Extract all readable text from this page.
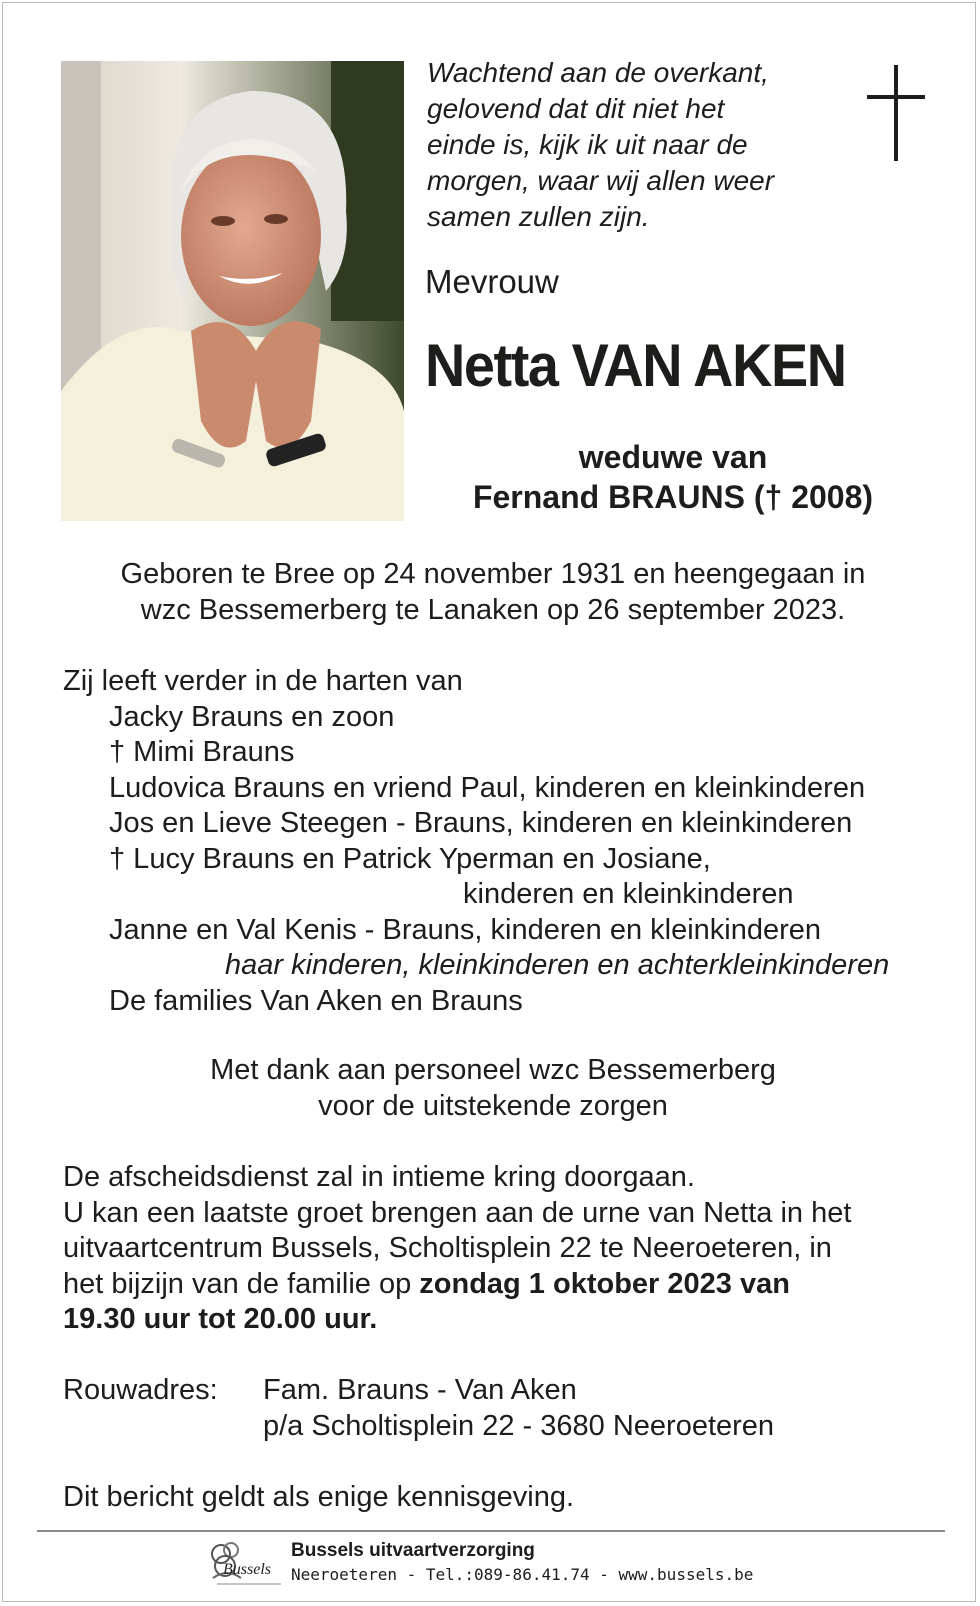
Wachtend aan de overkant,
gelovend dat dit niet het
einde is, kijk ik uit naar de
morgen, waar wij allen weer
samen zullen zijn.
Mevrouw
Netta VAN AKEN
weduwe van
Fernand BRAUNS († 2008)
Geboren te Bree op 24 november 1931 en heengegaan in
wzc Bessemerberg te Lanaken op 26 september 2023.
Zij leeft verder in de harten van
Jacky Brauns en zoon
† Mimi Brauns
Ludovica Brauns en vriend Paul, kinderen en kleinkinderen
Jos en Lieve Steegen - Brauns, kinderen en kleinkinderen
† Lucy Brauns en Patrick Yperman en Josiane,
kinderen en kleinkinderen
Janne en Val Kenis - Brauns, kinderen en kleinkinderen
haar kinderen, kleinkinderen en achterkleinkinderen
De families Van Aken en Brauns
Met dank aan personeel wzc Bessemerberg
voor de uitstekende zorgen
De afscheidsdienst zal in intieme kring doorgaan.
U kan een laatste groet brengen aan de urne van Netta in het
uitvaartcentrum Bussels, Scholtisplein 22 te Neeroeteren, in
het bijzijn van de familie op zondag 1 oktober 2023 van
19.30 uur tot 20.00 uur.
Rouwadres: Fam. Brauns - Van Aken
p/a Scholtisplein 22 - 3680 Neeroeteren
Dit bericht geldt als enige kennisgeving.
Bussels
Bussels uitvaartverzorging
Neeroeteren - Tel.:089-86.41.74 - www.bussels.be
